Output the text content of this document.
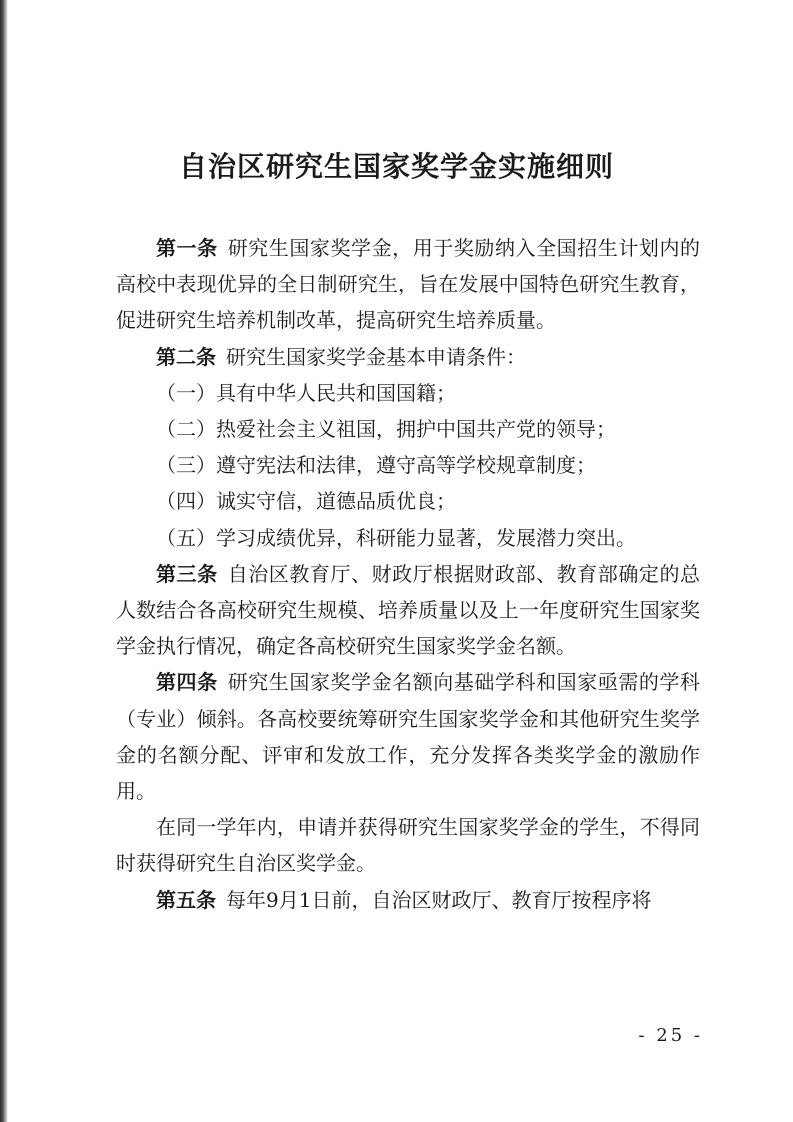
自治区研究生国家奖学金实施细则

第一条 研究生国家奖学金，用于奖励纳入全国招生计划内的高校中表现优异的全日制研究生，旨在发展中国特色研究生教育，促进研究生培养机制改革，提高研究生培养质量。

第二条 研究生国家奖学金基本申请条件：

（一）具有中华人民共和国国籍；

（二）热爱社会主义祖国，拥护中国共产党的领导；

（三）遵守宪法和法律，遵守高等学校规章制度；

（四）诚实守信，道德品质优良；

（五）学习成绩优异，科研能力显著，发展潜力突出。

第三条 自治区教育厅、财政厅根据财政部、教育部确定的总人数结合各高校研究生规模、培养质量以及上一年度研究生国家奖学金执行情况，确定各高校研究生国家奖学金名额。

第四条 研究生国家奖学金名额向基础学科和国家亟需的学科（专业）倾斜。各高校要统筹研究生国家奖学金和其他研究生奖学金的名额分配、评审和发放工作，充分发挥各类奖学金的激励作用。

在同一学年内，申请并获得研究生国家奖学金的学生，不得同时获得研究生自治区奖学金。

第五条 每年9月1日前，自治区财政厅、教育厅按程序将

- 25 -
